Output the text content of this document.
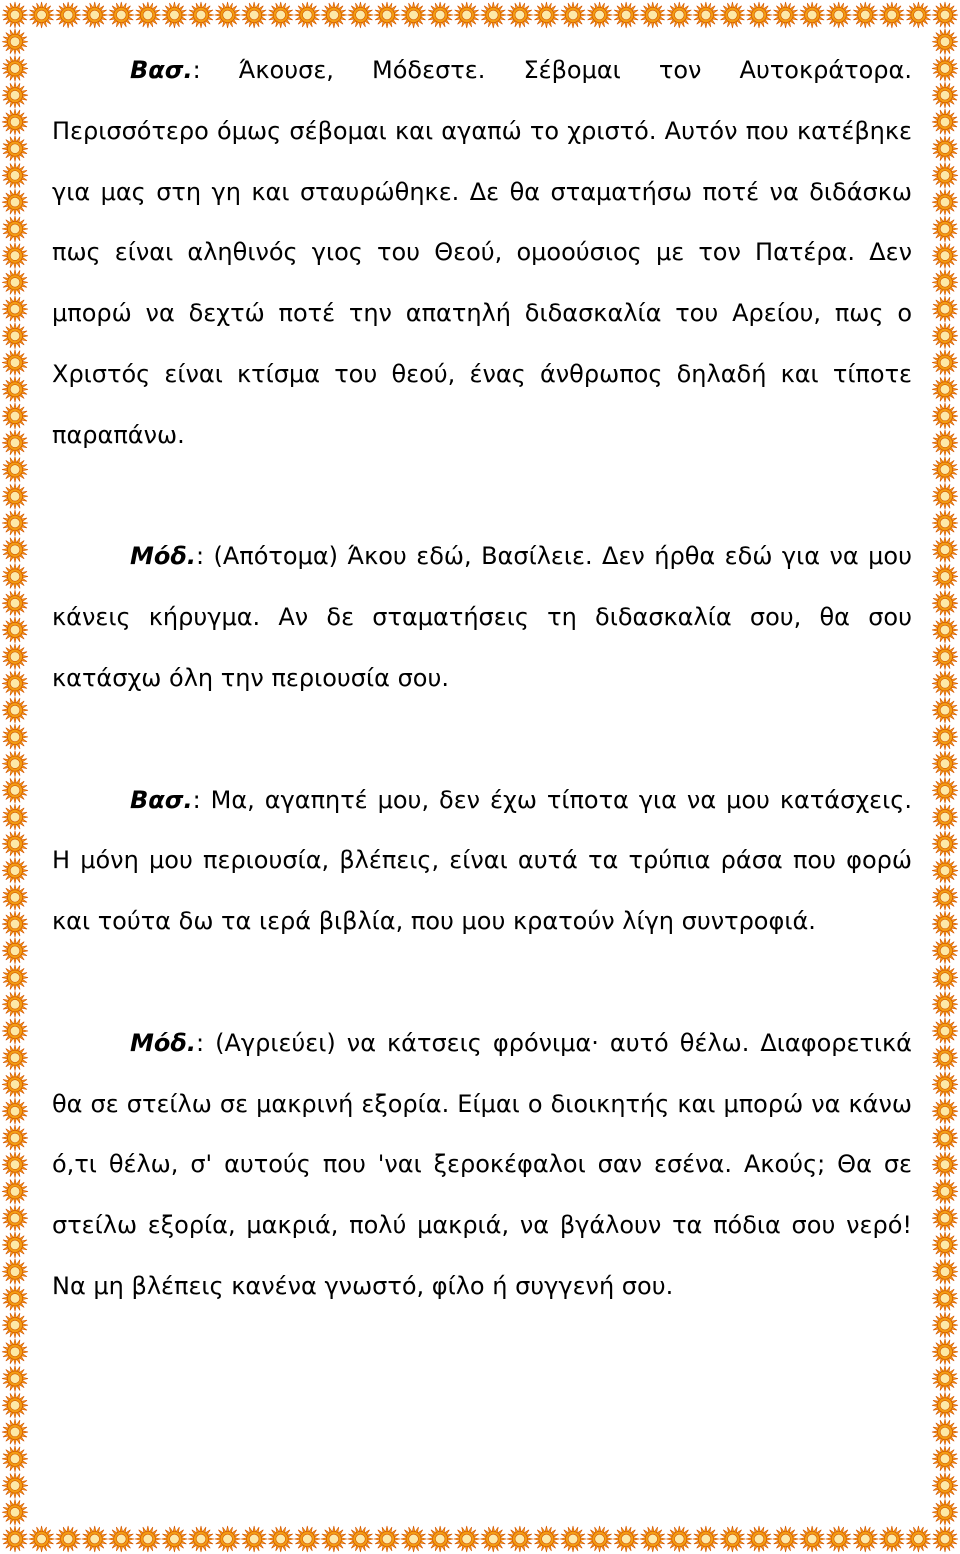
Βασ.: Άκουσε, Μόδεστε. Σέβομαι τον Αυτοκράτορα. Περισσότερο όμως σέβομαι και αγαπώ το χριστό. Αυτόν που κατέβηκε για μας στη γη και σταυρώθηκε. Δε θα σταματήσω ποτέ να διδάσκω πως είναι αληθινός γιος του Θεού, ομοούσιος με τον Πατέρα. Δεν μπορώ να δεχτώ ποτέ την απατηλή διδασκαλία του Αρείου, πως ο Χριστός είναι κτίσμα του θεού, ένας άνθρωπος δηλαδή και τίποτε παραπάνω.

Μόδ.: (Απότομα) Άκου εδώ, Βασίλειε. Δεν ήρθα εδώ για να μου κάνεις κήρυγμα. Αν δε σταματήσεις τη διδασκαλία σου, θα σου κατάσχω όλη την περιουσία σου.

Βασ.: Μα, αγαπητέ μου, δεν έχω τίποτα για να μου κατάσχεις. Η μόνη μου περιουσία, βλέπεις, είναι αυτά τα τρύπια ράσα που φορώ και τούτα δω τα ιερά βιβλία, που μου κρατούν λίγη συντροφιά.

Μόδ.: (Αγριεύει) να κάτσεις φρόνιμα· αυτό θέλω. Διαφορετικά θα σε στείλω σε μακρινή εξορία. Είμαι ο διοικητής και μπορώ να κάνω ό,τι θέλω, σ' αυτούς που 'ναι ξεροκέφαλοι σαν εσένα. Ακούς; Θα σε στείλω εξορία, μακριά, πολύ μακριά, να βγάλουν τα πόδια σου νερό! Να μη βλέπεις κανένα γνωστό, φίλο ή συγγενή σου.
